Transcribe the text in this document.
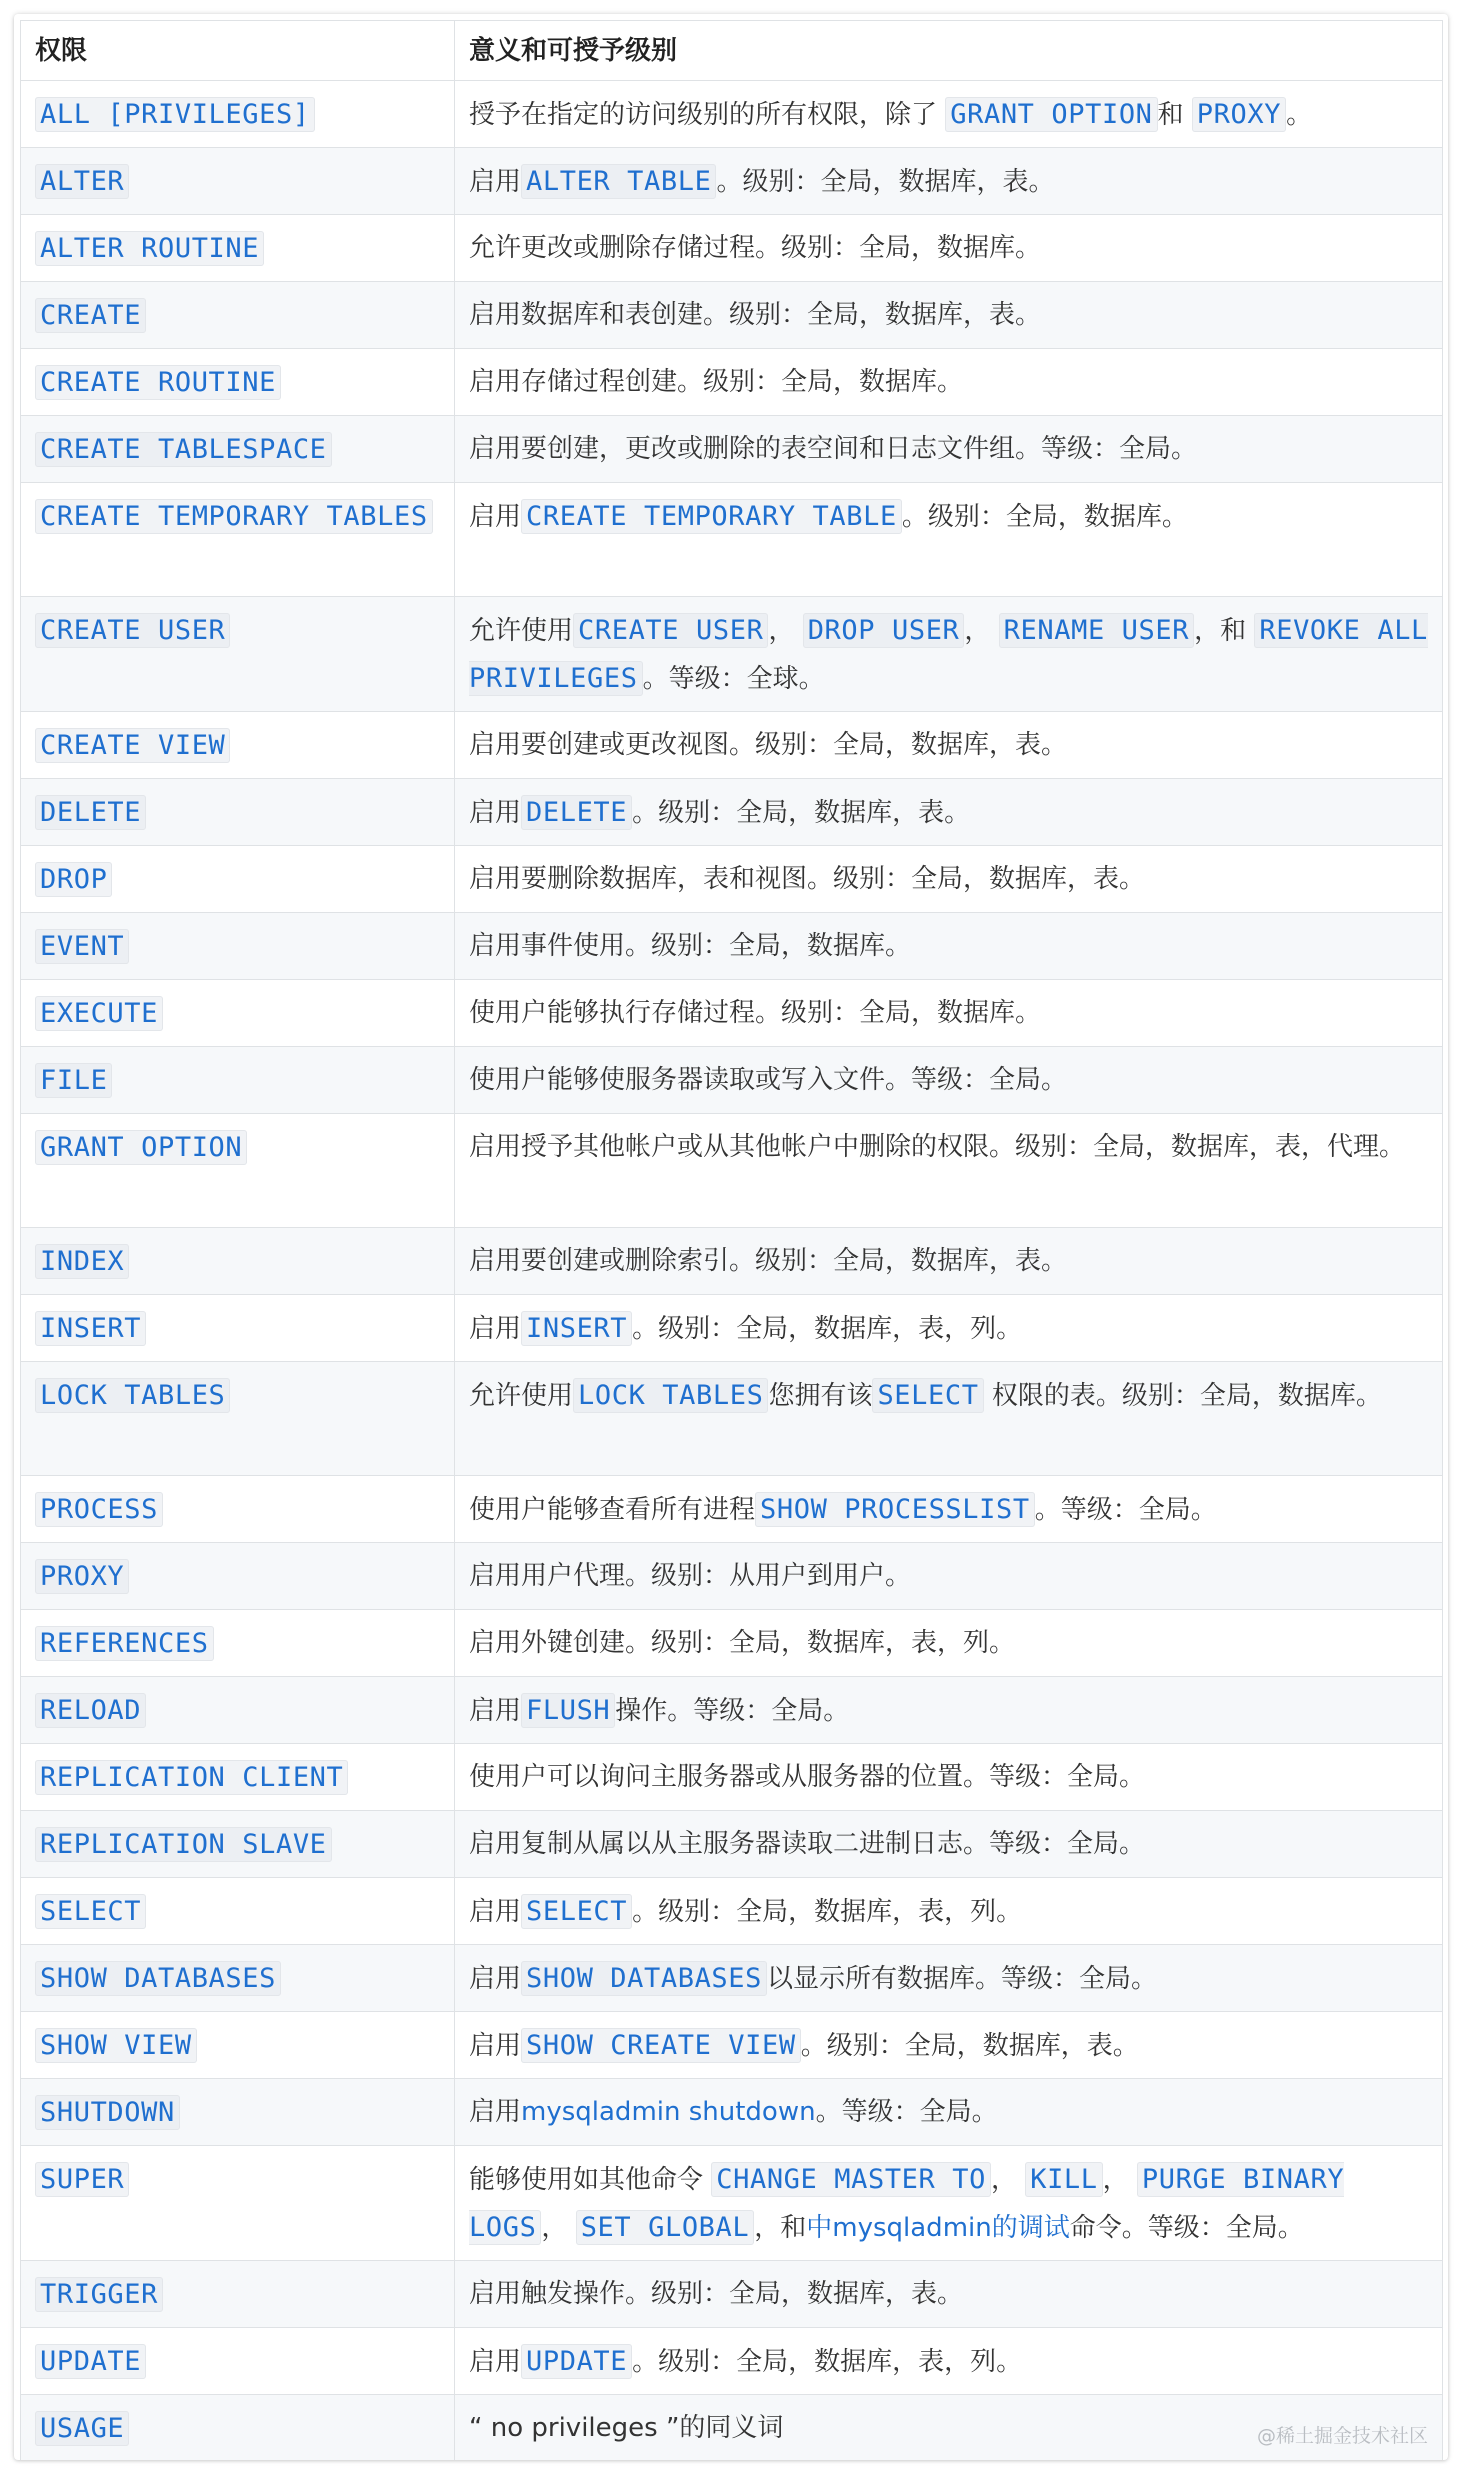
权限	意义和可授予级别
ALL [PRIVILEGES]	授予在指定的访问级别的所有权限，除了 GRANT OPTION 和 PROXY 。
ALTER	启用 ALTER TABLE 。级别：全局，数据库，表。
ALTER ROUTINE	允许更改或删除存储过程。级别：全局，数据库。
CREATE	启用数据库和表创建。级别：全局，数据库，表。
CREATE ROUTINE	启用存储过程创建。级别：全局，数据库。
CREATE TABLESPACE	启用要创建，更改或删除的表空间和日志文件组。等级：全局。
CREATE TEMPORARY TABLES	启用 CREATE TEMPORARY TABLE 。级别：全局，数据库。
CREATE USER	允许使用 CREATE USER ， DROP USER ， RENAME USER ，和 REVOKE ALL PRIVILEGES 。等级：全球。
CREATE VIEW	启用要创建或更改视图。级别：全局，数据库，表。
DELETE	启用 DELETE 。级别：全局，数据库，表。
DROP	启用要删除数据库，表和视图。级别：全局，数据库，表。
EVENT	启用事件使用。级别：全局，数据库。
EXECUTE	使用户能够执行存储过程。级别：全局，数据库。
FILE	使用户能够使服务器读取或写入文件。等级：全局。
GRANT OPTION	启用授予其他帐户或从其他帐户中删除的权限。级别：全局，数据库，表，代理。
INDEX	启用要创建或删除索引。级别：全局，数据库，表。
INSERT	启用 INSERT 。级别：全局，数据库，表，列。
LOCK TABLES	允许使用 LOCK TABLES 您拥有该 SELECT 权限的表。级别：全局，数据库。
PROCESS	使用户能够查看所有进程 SHOW PROCESSLIST 。等级：全局。
PROXY	启用用户代理。级别：从用户到用户。
REFERENCES	启用外键创建。级别：全局，数据库，表，列。
RELOAD	启用 FLUSH 操作。等级：全局。
REPLICATION CLIENT	使用户可以询问主服务器或从服务器的位置。等级：全局。
REPLICATION SLAVE	启用复制从属以从主服务器读取二进制日志。等级：全局。
SELECT	启用 SELECT 。级别：全局，数据库，表，列。
SHOW DATABASES	启用 SHOW DATABASES 以显示所有数据库。等级：全局。
SHOW VIEW	启用 SHOW CREATE VIEW 。级别：全局，数据库，表。
SHUTDOWN	启用mysqladmin shutdown。等级：全局。
SUPER	能够使用如其他命令 CHANGE MASTER TO ， KILL ， PURGE BINARY LOGS ， SET GLOBAL ，和中mysqladmin的调试命令。等级：全局。
TRIGGER	启用触发操作。级别：全局，数据库，表。
UPDATE	启用 UPDATE 。级别：全局，数据库，表，列。
USAGE	“ no privileges ”的同义词	@稀土掘金技术社区
